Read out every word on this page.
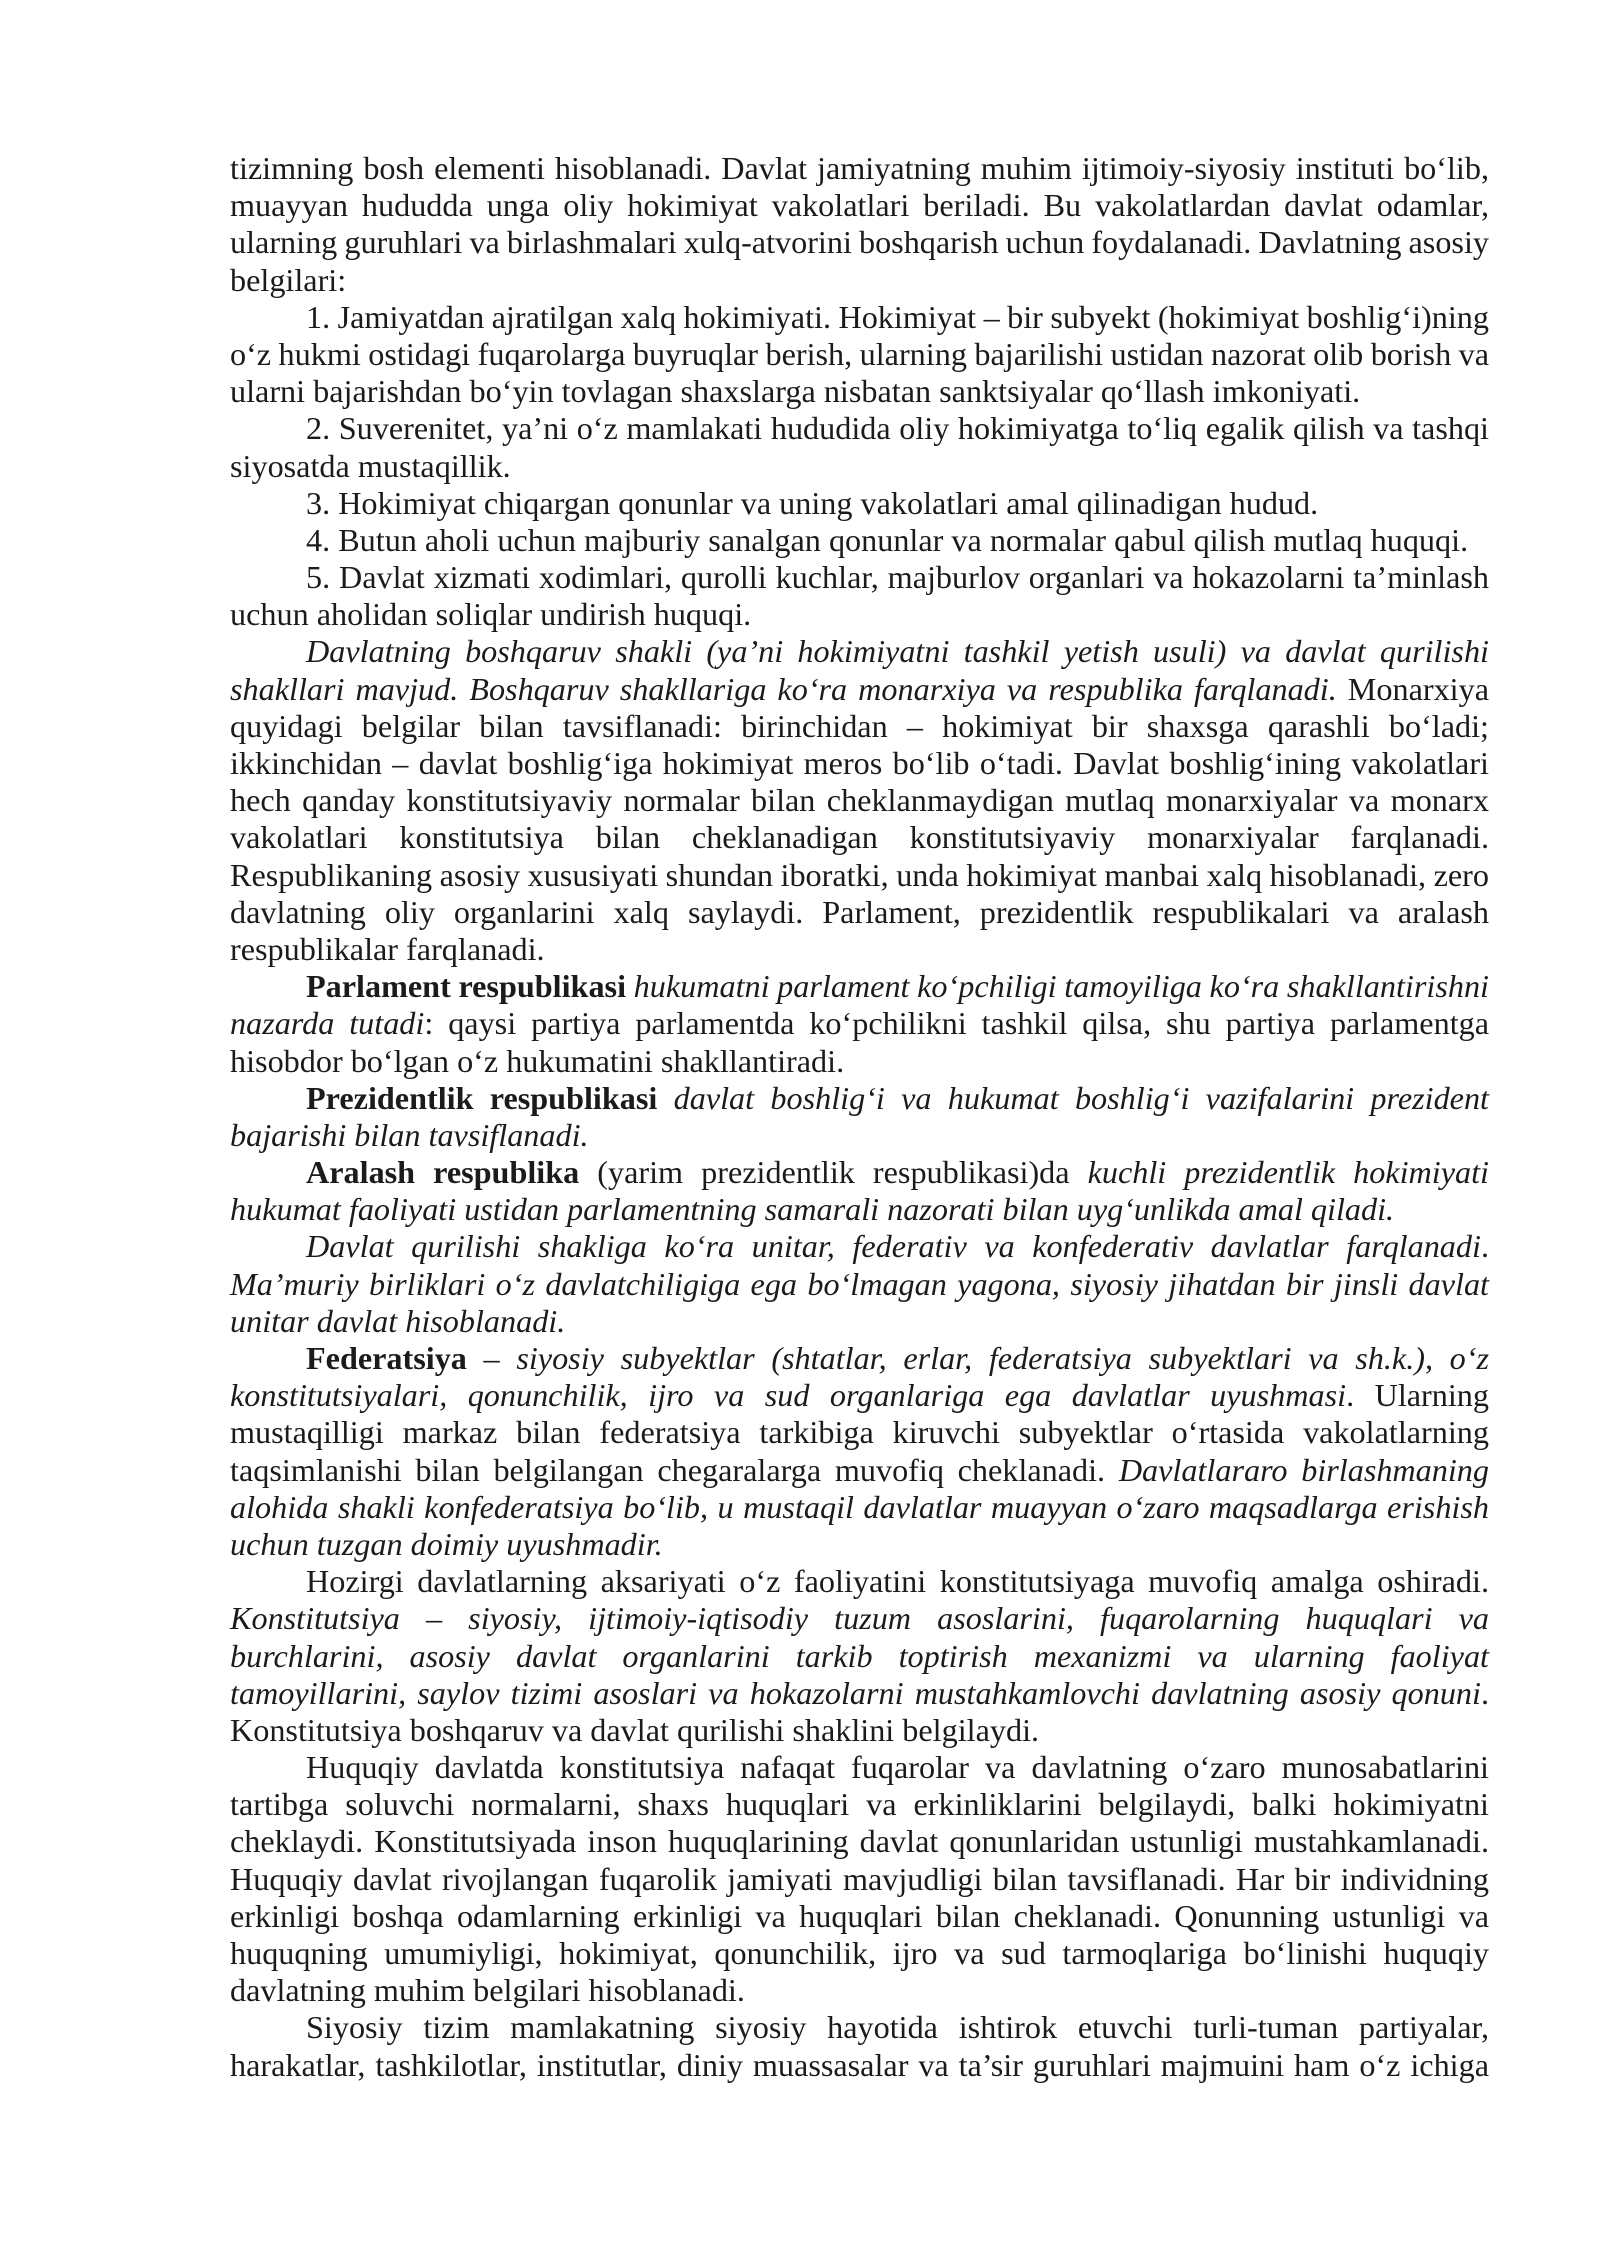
tizimning bosh elementi hisoblanadi. Davlat jamiyatning muhim ijtimoiy-siyosiy instituti bo‘lib,
muayyan hududda unga oliy hokimiyat vakolatlari beriladi. Bu vakolatlardan davlat odamlar,
ularning guruhlari va birlashmalari xulq-atvorini boshqarish uchun foydalanadi. Davlatning asosiy
belgilari:
1. Jamiyatdan ajratilgan xalq hokimiyati. Hokimiyat – bir subyekt (hokimiyat boshlig‘i)ning
o‘z hukmi ostidagi fuqarolarga buyruqlar berish, ularning bajarilishi ustidan nazorat olib borish va
ularni bajarishdan bo‘yin tovlagan shaxslarga nisbatan sanktsiyalar qo‘llash imkoniyati.
2. Suverenitet, ya’ni o‘z mamlakati hududida oliy hokimiyatga to‘liq egalik qilish va tashqi
siyosatda mustaqillik.
3. Hokimiyat chiqargan qonunlar va uning vakolatlari amal qilinadigan hudud.
4. Butun aholi uchun majburiy sanalgan qonunlar va normalar qabul qilish mutlaq huquqi.
5. Davlat xizmati xodimlari, qurolli kuchlar, majburlov organlari va hokazolarni ta’minlash
uchun aholidan soliqlar undirish huquqi.
Davlatning boshqaruv shakli (ya’ni hokimiyatni tashkil yetish usuli) va davlat qurilishi
shakllari mavjud. Boshqaruv shakllariga ko‘ra monarxiya va respublika farqlanadi. Monarxiya
quyidagi belgilar bilan tavsiflanadi: birinchidan – hokimiyat bir shaxsga qarashli bo‘ladi;
ikkinchidan – davlat boshlig‘iga hokimiyat meros bo‘lib o‘tadi. Davlat boshlig‘ining vakolatlari
hech qanday konstitutsiyaviy normalar bilan cheklanmaydigan mutlaq monarxiyalar va monarx
vakolatlari konstitutsiya bilan cheklanadigan konstitutsiyaviy monarxiyalar farqlanadi.
Respublikaning asosiy xususiyati shundan iboratki, unda hokimiyat manbai xalq hisoblanadi, zero
davlatning oliy organlarini xalq saylaydi. Parlament, prezidentlik respublikalari va aralash
respublikalar farqlanadi.
Parlament respublikasi hukumatni parlament ko‘pchiligi tamoyiliga ko‘ra shakllantirishni
nazarda tutadi: qaysi partiya parlamentda ko‘pchilikni tashkil qilsa, shu partiya parlamentga
hisobdor bo‘lgan o‘z hukumatini shakllantiradi.
Prezidentlik respublikasi davlat boshlig‘i va hukumat boshlig‘i vazifalarini prezident
bajarishi bilan tavsiflanadi.
Aralash respublika (yarim prezidentlik respublikasi)da kuchli prezidentlik hokimiyati
hukumat faoliyati ustidan parlamentning samarali nazorati bilan uyg‘unlikda amal qiladi.
Davlat qurilishi shakliga ko‘ra unitar, federativ va konfederativ davlatlar farqlanadi.
Ma’muriy birliklari o‘z davlatchiligiga ega bo‘lmagan yagona, siyosiy jihatdan bir jinsli davlat
unitar davlat hisoblanadi.
Federatsiya – siyosiy subyektlar (shtatlar, erlar, federatsiya subyektlari va sh.k.), o‘z
konstitutsiyalari, qonunchilik, ijro va sud organlariga ega davlatlar uyushmasi. Ularning
mustaqilligi markaz bilan federatsiya tarkibiga kiruvchi subyektlar o‘rtasida vakolatlarning
taqsimlanishi bilan belgilangan chegaralarga muvofiq cheklanadi. Davlatlararo birlashmaning
alohida shakli konfederatsiya bo‘lib, u mustaqil davlatlar muayyan o‘zaro maqsadlarga erishish
uchun tuzgan doimiy uyushmadir.
Hozirgi davlatlarning aksariyati o‘z faoliyatini konstitutsiyaga muvofiq amalga oshiradi.
Konstitutsiya – siyosiy, ijtimoiy-iqtisodiy tuzum asoslarini, fuqarolarning huquqlari va
burchlarini, asosiy davlat organlarini tarkib toptirish mexanizmi va ularning faoliyat
tamoyillarini, saylov tizimi asoslari va hokazolarni mustahkamlovchi davlatning asosiy qonuni.
Konstitutsiya boshqaruv va davlat qurilishi shaklini belgilaydi.
Huquqiy davlatda konstitutsiya nafaqat fuqarolar va davlatning o‘zaro munosabatlarini
tartibga soluvchi normalarni, shaxs huquqlari va erkinliklarini belgilaydi, balki hokimiyatni
cheklaydi. Konstitutsiyada inson huquqlarining davlat qonunlaridan ustunligi mustahkamlanadi.
Huquqiy davlat rivojlangan fuqarolik jamiyati mavjudligi bilan tavsiflanadi. Har bir individning
erkinligi boshqa odamlarning erkinligi va huquqlari bilan cheklanadi. Qonunning ustunligi va
huquqning umumiyligi, hokimiyat, qonunchilik, ijro va sud tarmoqlariga bo‘linishi huquqiy
davlatning muhim belgilari hisoblanadi.
Siyosiy tizim mamlakatning siyosiy hayotida ishtirok etuvchi turli-tuman partiyalar,
harakatlar, tashkilotlar, institutlar, diniy muassasalar va ta’sir guruhlari majmuini ham o‘z ichiga
